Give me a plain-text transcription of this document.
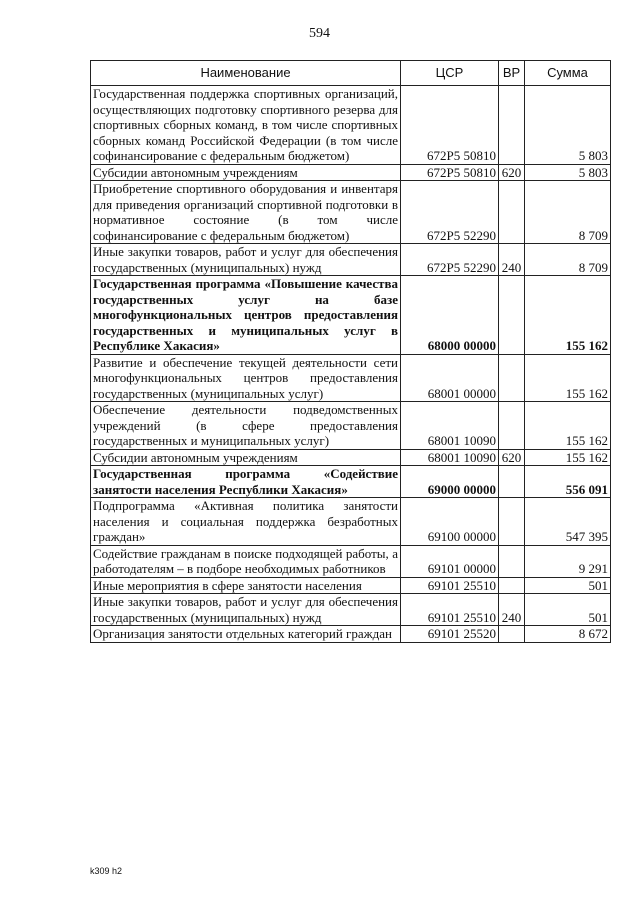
594
Наименование	ЦСР	ВР	Сумма
Государственная поддержка спортивных организаций, осуществляющих подготовку спортивного резерва для спортивных сборных команд, в том числе спортивных сборных команд Российской Федерации (в том числе софинансирование с федеральным бюджетом)	672Р5 50810		5 803
Субсидии автономным учреждениям	672Р5 50810	620	5 803
Приобретение спортивного оборудования и инвентаря для приведения организаций спортивной подготовки в нормативное состояние (в том числе софинансирование с федеральным бюджетом)	672Р5 52290		8 709
Иные закупки товаров, работ и услуг для обеспечения государственных (муниципальных) нужд	672Р5 52290	240	8 709
Государственная программа «Повышение качества государственных услуг на базе многофункциональных центров предоставления государственных и муниципальных услуг в Республике Хакасия»	68000 00000		155 162
Развитие и обеспечение текущей деятельности сети многофункциональных центров предоставления государственных (муниципальных услуг)	68001 00000		155 162
Обеспечение деятельности подведомственных учреждений (в сфере предоставления государственных и муниципальных услуг)	68001 10090		155 162
Субсидии автономным учреждениям	68001 10090	620	155 162
Государственная программа «Содействие занятости населения Республики Хакасия»	69000 00000		556 091
Подпрограмма «Активная политика занятости населения и социальная поддержка безработных граждан»	69100 00000		547 395
Содействие гражданам в поиске подходящей работы, а работодателям – в подборе необходимых работников	69101 00000		9 291
Иные мероприятия в сфере занятости населения	69101 25510		501
Иные закупки товаров, работ и услуг для обеспечения государственных (муниципальных) нужд	69101 25510	240	501
Организация занятости отдельных категорий граждан	69101 25520		8 672
k309 h2
